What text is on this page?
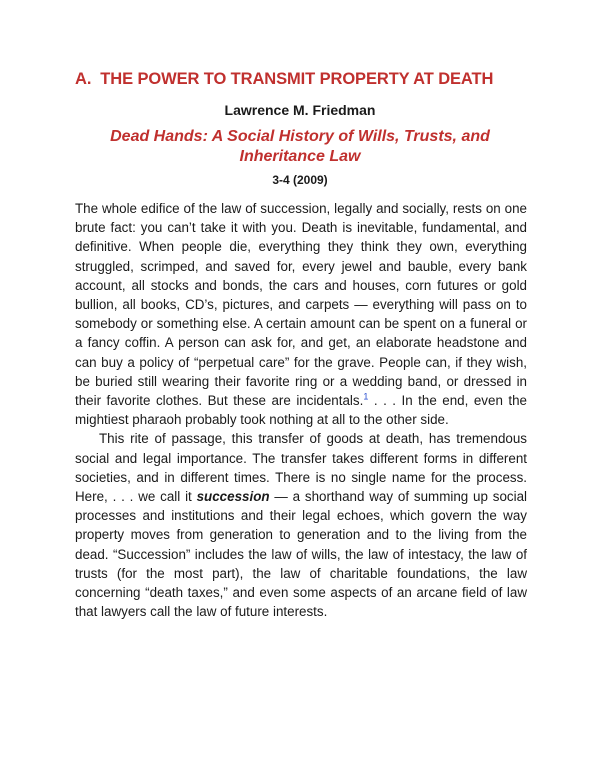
A. THE POWER TO TRANSMIT PROPERTY AT DEATH

Lawrence M. Friedman

Dead Hands: A Social History of Wills, Trusts, and Inheritance Law

3-4 (2009)

The whole edifice of the law of succession, legally and socially, rests on one brute fact: you can’t take it with you. Death is inevitable, fundamental, and definitive. When people die, everything they think they own, everything struggled, scrimped, and saved for, every jewel and bauble, every bank account, all stocks and bonds, the cars and houses, corn futures or gold bullion, all books, CD’s, pictures, and carpets — everything will pass on to somebody or something else. A certain amount can be spent on a funeral or a fancy coffin. A person can ask for, and get, an elaborate headstone and can buy a policy of “perpetual care” for the grave. People can, if they wish, be buried still wearing their favorite ring or a wedding band, or dressed in their favorite clothes. But these are incidentals.$^1$ . . . In the end, even the mightiest pharaoh probably took nothing at all to the other side.

This rite of passage, this transfer of goods at death, has tremendous social and legal importance. The transfer takes different forms in different societies, and in different times. There is no single name for the process. Here, . . . we call it succession — a shorthand way of summing up social processes and institutions and their legal echoes, which govern the way property moves from generation to generation and to the living from the dead. “Succession” includes the law of wills, the law of intestacy, the law of trusts (for the most part), the law of charitable foundations, the law concerning “death taxes,” and even some aspects of an arcane field of law that lawyers call the law of future interests.
